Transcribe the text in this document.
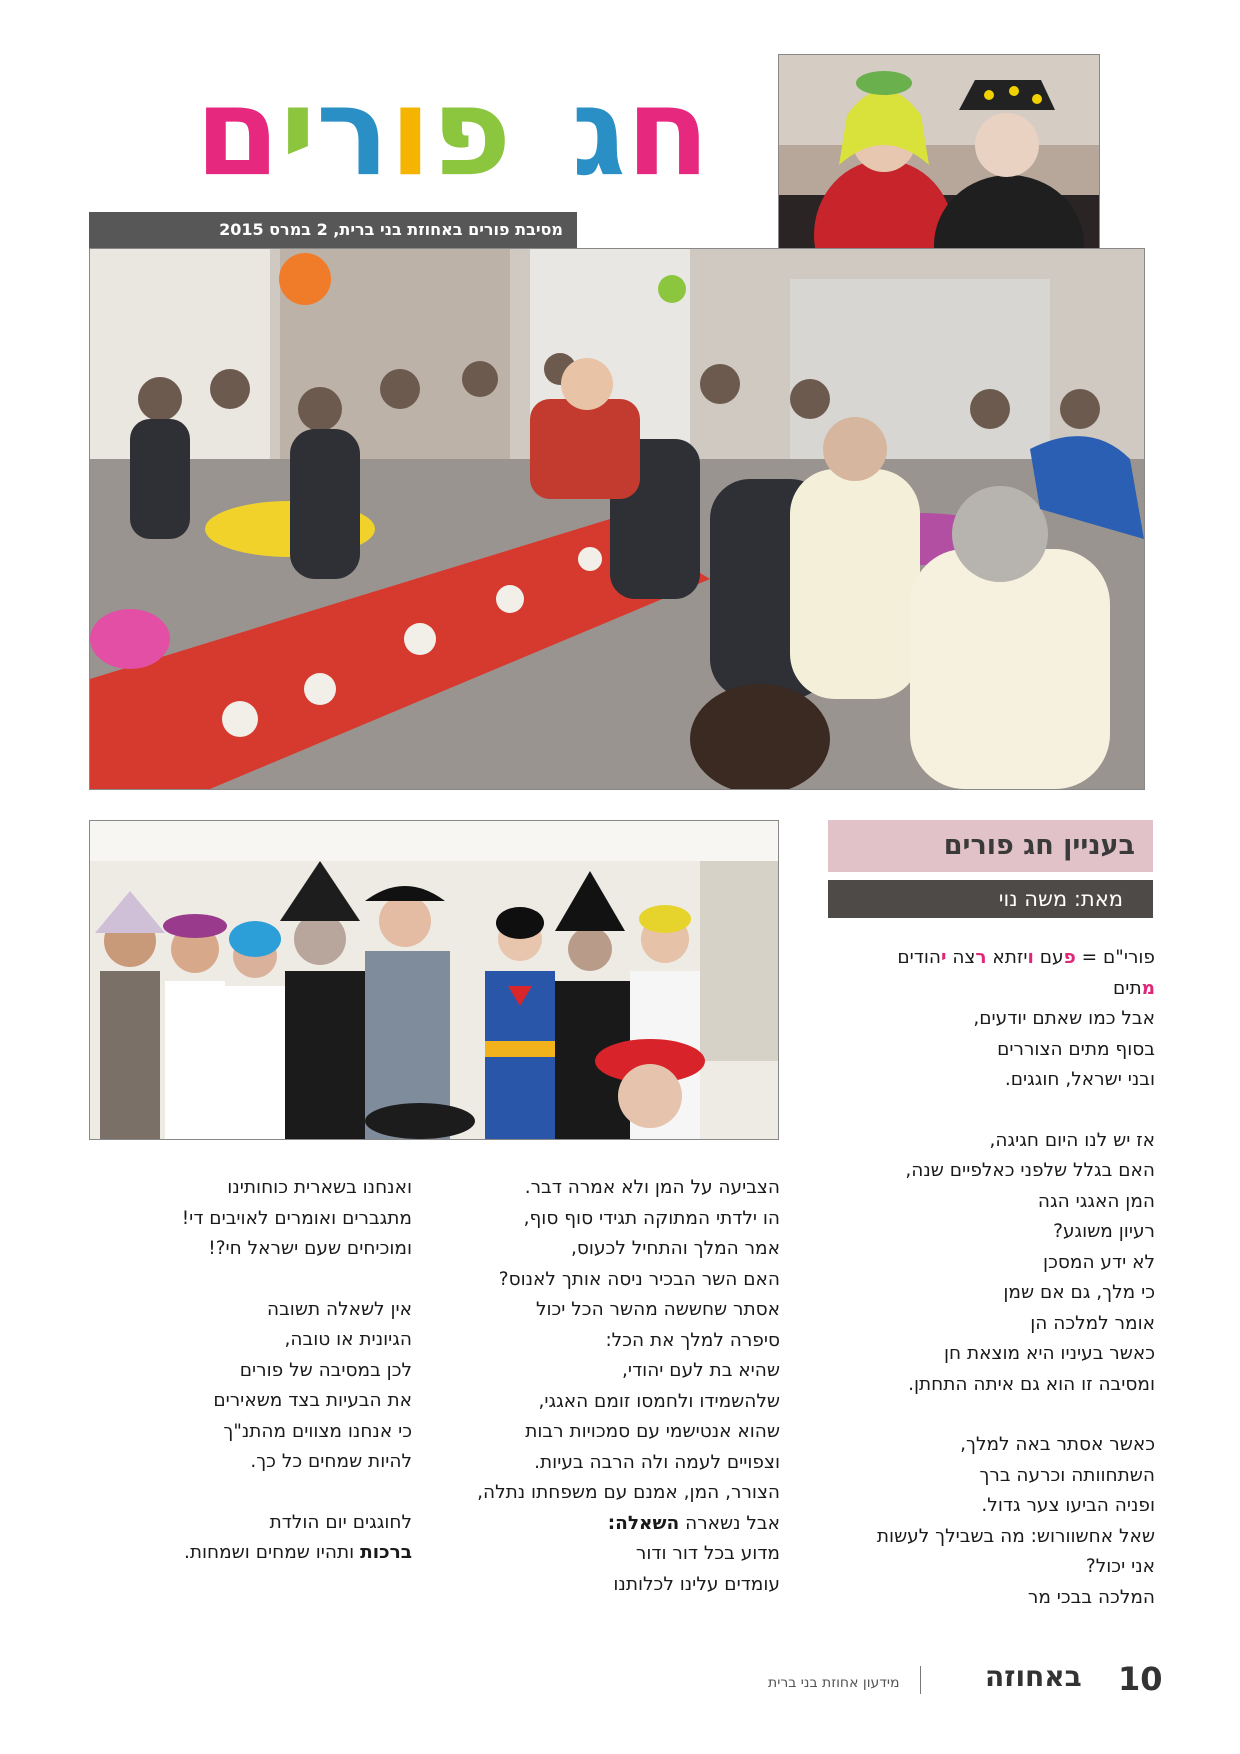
םירופ גח
מסיבת פורים באחוזת בני ברית, 2 במרס 2015
בעניין חג פורים
מאת: משה נוי

פורי"ם = פעם ויזתא רצה יהודים

מתים

אבל כמו שאתם יודעים,

בסוף מתים הצוררים

ובני ישראל, חוגגים.

אז יש לנו היום חגיגה,

האם בגלל שלפני כאלפיים שנה,

המן האגגי הגה

רעיון משוגע?

לא ידע המסכן

כי מלך, גם אם שמן

אומר למלכה הן

כאשר בעיניו היא מוצאת חן

ומסיבה זו הוא גם איתה התחתן.

כאשר אסתר באה למלך,

השתחוותה וכרעה ברך

ופניה הביעו צער גדול.

שאל אחשוורוש: מה בשבילך לעשות

אני יכול?

המלכה בבכי מר

הצביעה על המן ולא אמרה דבר.

הו ילדתי המתוקה תגידי סוף סוף,

אמר המלך והתחיל לכעוס,

האם השר הבכיר ניסה אותך לאנוס?

אסתר שחששה מהשר הכל יכול

סיפרה למלך את הכל:

שהיא בת לעם יהודי,

שלהשמידו ולחמסו זומם האגגי,

שהוא אנטישמי עם סמכויות רבות

וצפויים לעמה ולה הרבה בעיות.

הצורר, המן, אמנם עם משפחתו נתלה,

אבל נשארה השאלה:

מדוע בכל דור ודור

עומדים עלינו לכלותנו

ואנחנו בשארית כוחותינו

מתגברים ואומרים לאויבים די!

ומוכיחים שעם ישראל חי?!

אין לשאלה תשובה

הגיונית או טובה,

לכן במסיבה של פורים

את הבעיות בצד משאירים

כי אנחנו מצווים מהתנ"ך

להיות שמחים כל כך.

לחוגגים יום הולדת

ברכות ותהיו שמחים ושמחות.

10
באחוזה
מידעון אחוזת בני ברית
